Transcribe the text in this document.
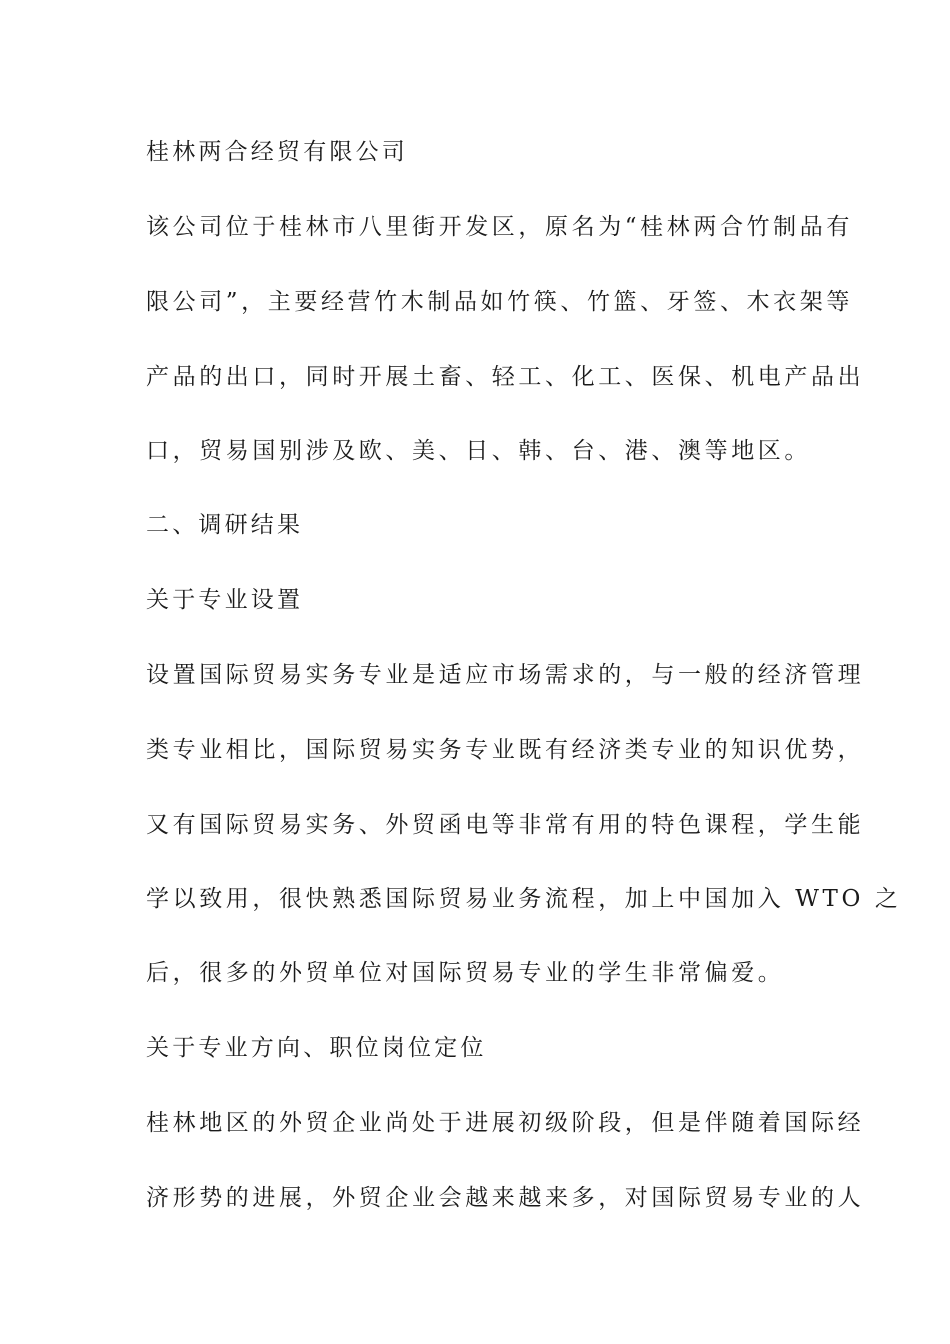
桂林两合经贸有限公司
该公司位于桂林市八里街开发区，原名为“桂林两合竹制品有
限公司”，主要经营竹木制品如竹筷、竹篮、牙签、木衣架等
产品的出口，同时开展土畜、轻工、化工、医保、机电产品出
口，贸易国别涉及欧、美、日、韩、台、港、澳等地区。
二、调研结果
关于专业设置
设置国际贸易实务专业是适应市场需求的，与一般的经济管理
类专业相比，国际贸易实务专业既有经济类专业的知识优势，
又有国际贸易实务、外贸函电等非常有用的特色课程，学生能
学以致用，很快熟悉国际贸易业务流程，加上中国加入 WTO 之
后，很多的外贸单位对国际贸易专业的学生非常偏爱。
关于专业方向、职位岗位定位
桂林地区的外贸企业尚处于进展初级阶段，但是伴随着国际经
济形势的进展，外贸企业会越来越来多，对国际贸易专业的人
